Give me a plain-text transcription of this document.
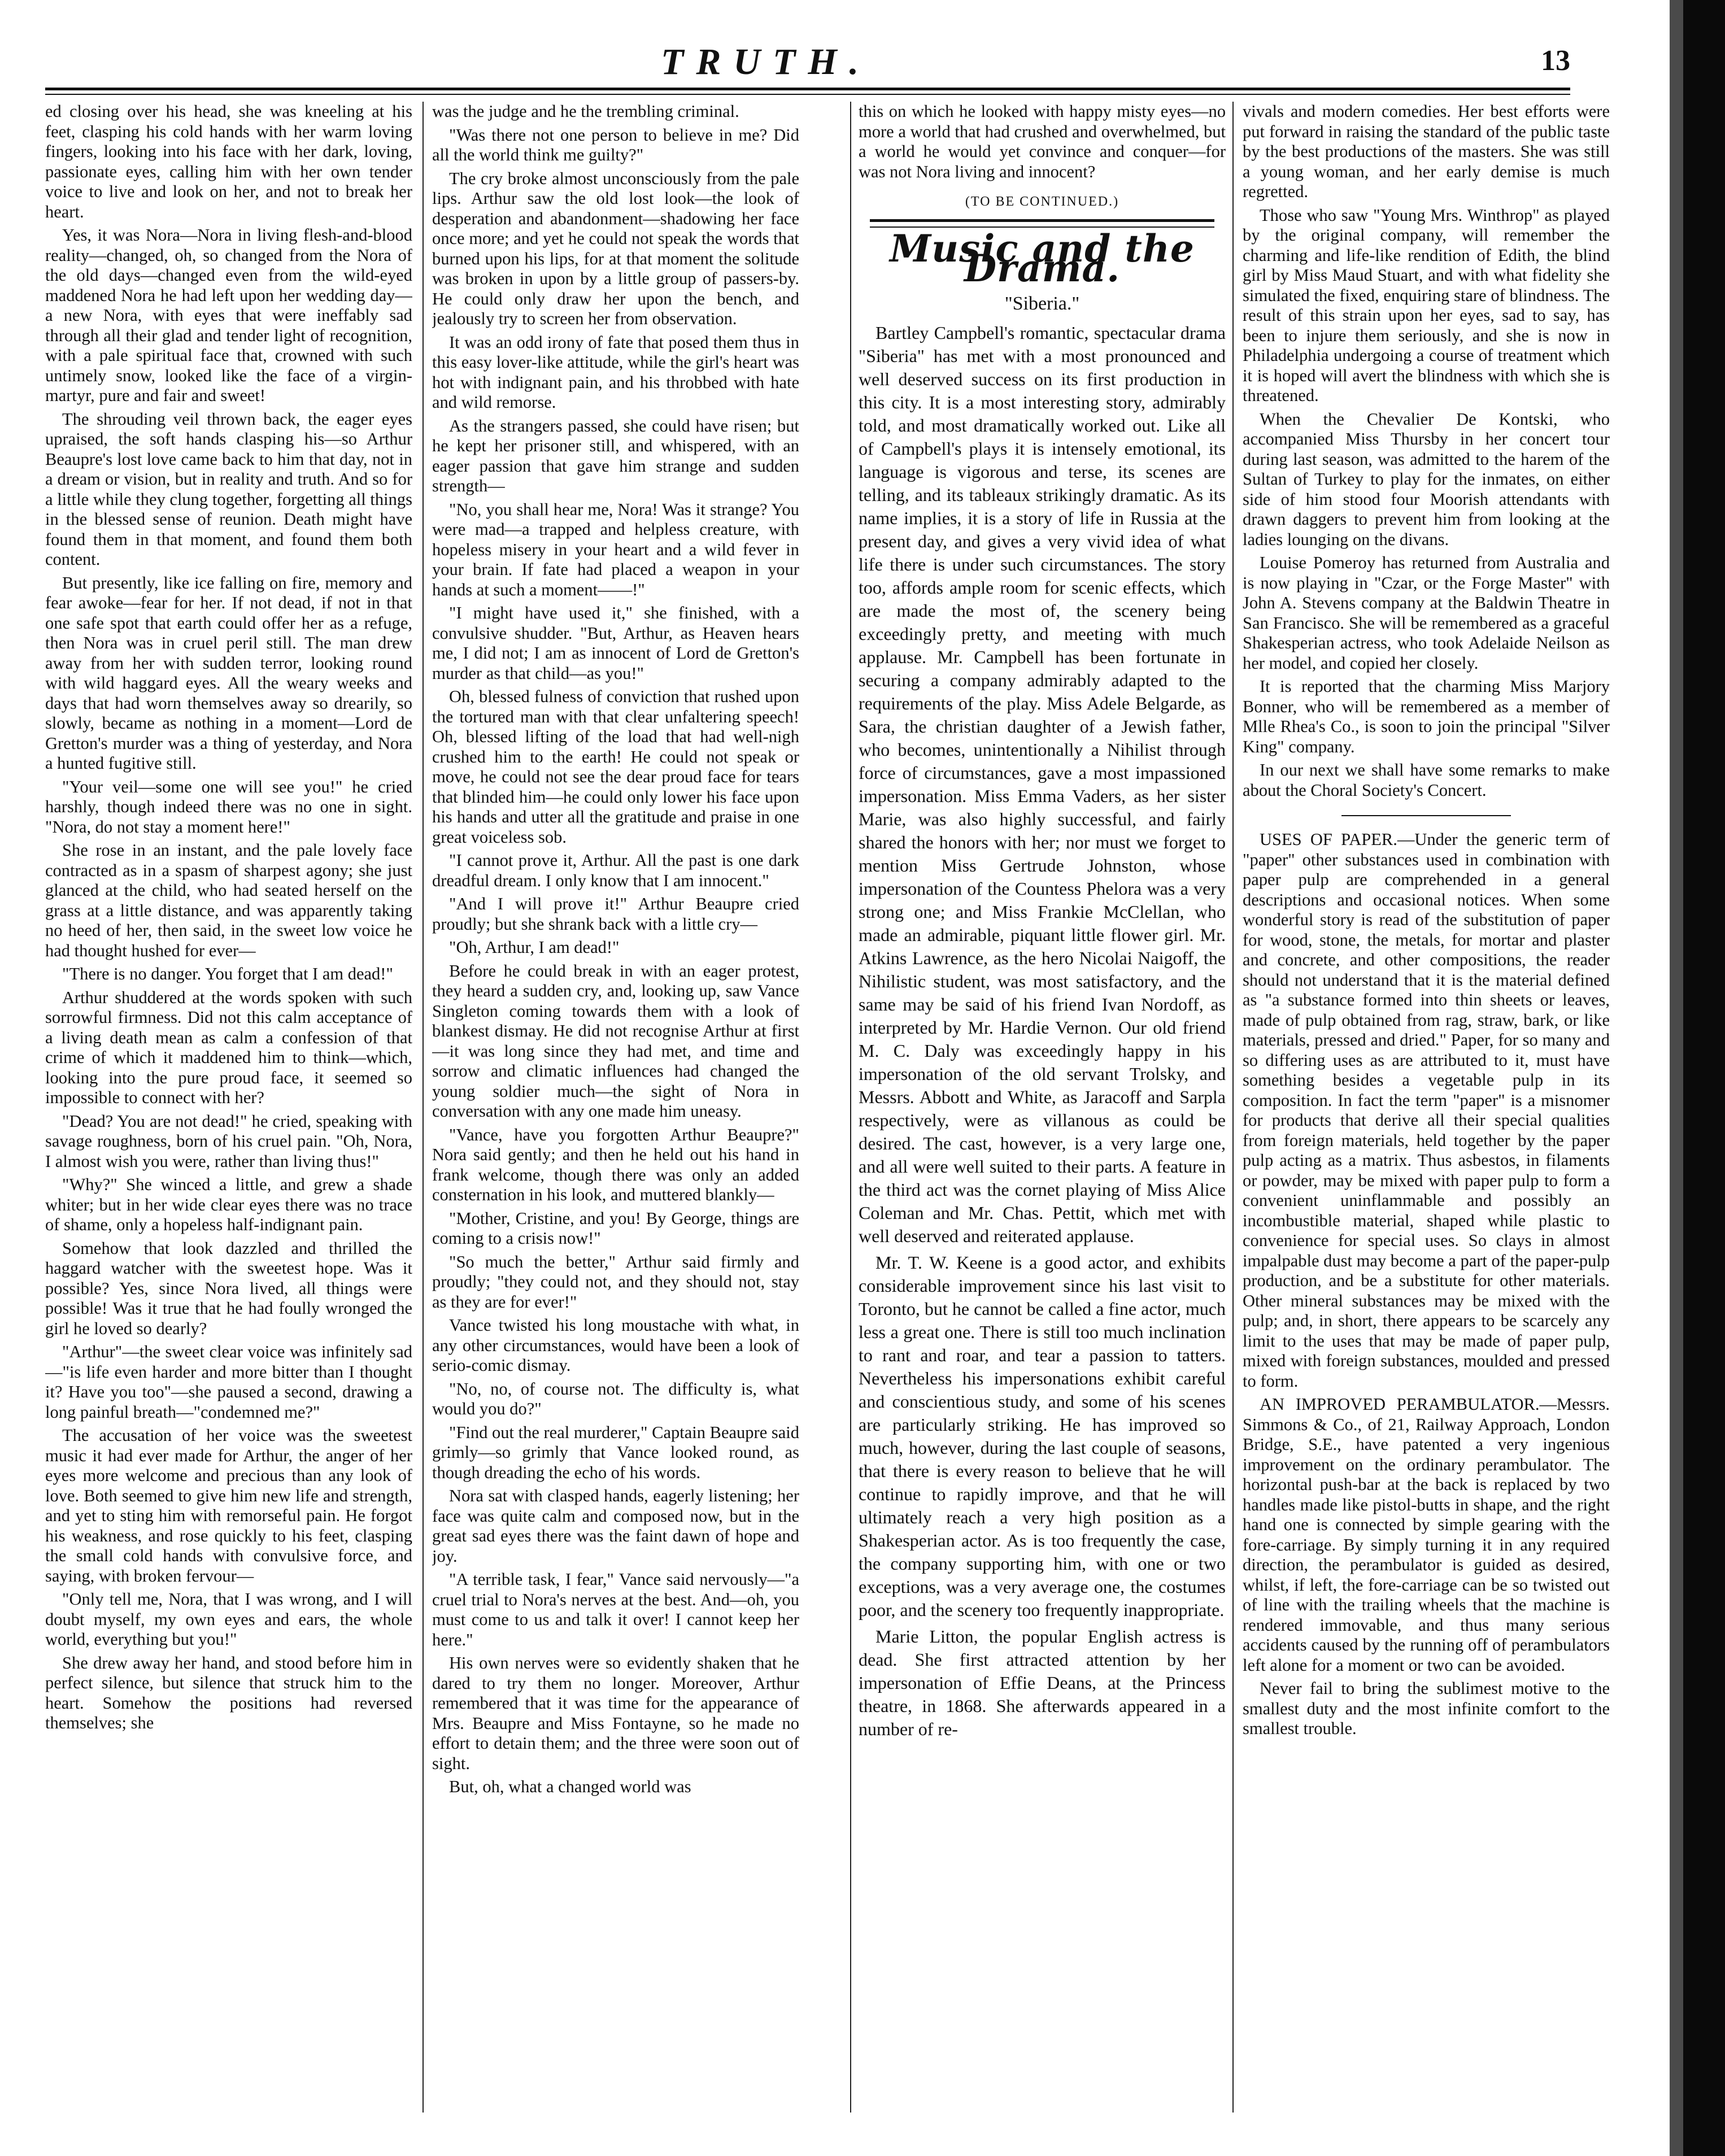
TRUTH.	13

ed closing over his head, she was kneeling at his feet, clasping his cold hands with her warm loving fingers, looking into his face with her dark, loving, passionate eyes, calling him with her own tender voice to live and look on her, and not to break her heart.

Yes, it was Nora—Nora in living flesh-and-blood reality—changed, oh, so changed from the Nora of the old days—changed even from the wild-eyed maddened Nora he had left upon her wedding day—a new Nora, with eyes that were ineffably sad through all their glad and tender light of recognition, with a pale spiritual face that, crowned with such untimely snow, looked like the face of a virgin-martyr, pure and fair and sweet!

The shrouding veil thrown back, the eager eyes upraised, the soft hands clasping his—so Arthur Beaupre's lost love came back to him that day, not in a dream or vision, but in reality and truth. And so for a little while they clung together, forgetting all things in the blessed sense of reunion. Death might have found them in that moment, and found them both content.

But presently, like ice falling on fire, memory and fear awoke—fear for her. If not dead, if not in that one safe spot that earth could offer her as a refuge, then Nora was in cruel peril still. The man drew away from her with sudden terror, looking round with wild haggard eyes. All the weary weeks and days that had worn themselves away so drearily, so slowly, became as nothing in a moment—Lord de Gretton's murder was a thing of yesterday, and Nora a hunted fugitive still.

"Your veil—some one will see you!" he cried harshly, though indeed there was no one in sight. "Nora, do not stay a moment here!"

She rose in an instant, and the pale lovely face contracted as in a spasm of sharpest agony; she just glanced at the child, who had seated herself on the grass at a little distance, and was apparently taking no heed of her, then said, in the sweet low voice he had thought hushed for ever—

"There is no danger. You forget that I am dead!"

Arthur shuddered at the words spoken with such sorrowful firmness. Did not this calm acceptance of a living death mean as calm a confession of that crime of which it maddened him to think—which, looking into the pure proud face, it seemed so impossible to connect with her?

"Dead? You are not dead!" he cried, speaking with savage roughness, born of his cruel pain. "Oh, Nora, I almost wish you were, rather than living thus!"

"Why?" She winced a little, and grew a shade whiter; but in her wide clear eyes there was no trace of shame, only a hopeless half-indignant pain.

Somehow that look dazzled and thrilled the haggard watcher with the sweetest hope. Was it possible? Yes, since Nora lived, all things were possible! Was it true that he had foully wronged the girl he loved so dearly?

"Arthur"—the sweet clear voice was infinitely sad—"is life even harder and more bitter than I thought it? Have you too"—she paused a second, drawing a long painful breath—"condemned me?"

The accusation of her voice was the sweetest music it had ever made for Arthur, the anger of her eyes more welcome and precious than any look of love. Both seemed to give him new life and strength, and yet to sting him with remorseful pain. He forgot his weakness, and rose quickly to his feet, clasping the small cold hands with convulsive force, and saying, with broken fervour—

"Only tell me, Nora, that I was wrong, and I will doubt myself, my own eyes and ears, the whole world, everything but you!"

She drew away her hand, and stood before him in perfect silence, but silence that struck him to the heart. Somehow the positions had reversed themselves; she

was the judge and he the trembling criminal.

"Was there not one person to believe in me? Did all the world think me guilty?"

The cry broke almost unconsciously from the pale lips. Arthur saw the old lost look—the look of desperation and abandonment—shadowing her face once more; and yet he could not speak the words that burned upon his lips, for at that moment the solitude was broken in upon by a little group of passers-by. He could only draw her upon the bench, and jealously try to screen her from observation.

It was an odd irony of fate that posed them thus in this easy lover-like attitude, while the girl's heart was hot with indignant pain, and his throbbed with hate and wild remorse.

As the strangers passed, she could have risen; but he kept her prisoner still, and whispered, with an eager passion that gave him strange and sudden strength—

"No, you shall hear me, Nora! Was it strange? You were mad—a trapped and helpless creature, with hopeless misery in your heart and a wild fever in your brain. If fate had placed a weapon in your hands at such a moment——!"

"I might have used it," she finished, with a convulsive shudder. "But, Arthur, as Heaven hears me, I did not; I am as innocent of Lord de Gretton's murder as that child—as you!"

Oh, blessed fulness of conviction that rushed upon the tortured man with that clear unfaltering speech! Oh, blessed lifting of the load that had well-nigh crushed him to the earth! He could not speak or move, he could not see the dear proud face for tears that blinded him—he could only lower his face upon his hands and utter all the gratitude and praise in one great voiceless sob.

"I cannot prove it, Arthur. All the past is one dark dreadful dream. I only know that I am innocent."

"And I will prove it!" Arthur Beaupre cried proudly; but she shrank back with a little cry—

"Oh, Arthur, I am dead!"

Before he could break in with an eager protest, they heard a sudden cry, and, looking up, saw Vance Singleton coming towards them with a look of blankest dismay. He did not recognise Arthur at first—it was long since they had met, and time and sorrow and climatic influences had changed the young soldier much—the sight of Nora in conversation with any one made him uneasy.

"Vance, have you forgotten Arthur Beaupre?" Nora said gently; and then he held out his hand in frank welcome, though there was only an added consternation in his look, and muttered blankly—

"Mother, Cristine, and you! By George, things are coming to a crisis now!"

"So much the better," Arthur said firmly and proudly; "they could not, and they should not, stay as they are for ever!"

Vance twisted his long moustache with what, in any other circumstances, would have been a look of serio-comic dismay.

"No, no, of course not. The difficulty is, what would you do?"

"Find out the real murderer," Captain Beaupre said grimly—so grimly that Vance looked round, as though dreading the echo of his words.

Nora sat with clasped hands, eagerly listening; her face was quite calm and composed now, but in the great sad eyes there was the faint dawn of hope and joy.

"A terrible task, I fear," Vance said nervously—"a cruel trial to Nora's nerves at the best. And—oh, you must come to us and talk it over! I cannot keep her here."

His own nerves were so evidently shaken that he dared to try them no longer. Moreover, Arthur remembered that it was time for the appearance of Mrs. Beaupre and Miss Fontayne, so he made no effort to detain them; and the three were soon out of sight.

But, oh, what a changed world was

this on which he looked with happy misty eyes—no more a world that had crushed and overwhelmed, but a world he would yet convince and conquer—for was not Nora living and innocent?

(TO BE CONTINUED.)
Music and the Drama.
"Siberia."

Bartley Campbell's romantic, spectacular drama "Siberia" has met with a most pronounced and well deserved success on its first production in this city. It is a most interesting story, admirably told, and most dramatically worked out. Like all of Campbell's plays it is intensely emotional, its language is vigorous and terse, its scenes are telling, and its tableaux strikingly dramatic. As its name implies, it is a story of life in Russia at the present day, and gives a very vivid idea of what life there is under such circumstances. The story too, affords ample room for scenic effects, which are made the most of, the scenery being exceedingly pretty, and meeting with much applause. Mr. Campbell has been fortunate in securing a company admirably adapted to the requirements of the play. Miss Adele Belgarde, as Sara, the christian daughter of a Jewish father, who becomes, unintentionally a Nihilist through force of circumstances, gave a most impassioned impersonation. Miss Emma Vaders, as her sister Marie, was also highly successful, and fairly shared the honors with her; nor must we forget to mention Miss Gertrude Johnston, whose impersonation of the Countess Phelora was a very strong one; and Miss Frankie McClellan, who made an admirable, piquant little flower girl. Mr. Atkins Lawrence, as the hero Nicolai Naigoff, the Nihilistic student, was most satisfactory, and the same may be said of his friend Ivan Nordoff, as interpreted by Mr. Hardie Vernon. Our old friend M. C. Daly was exceedingly happy in his impersonation of the old servant Trolsky, and Messrs. Abbott and White, as Jaracoff and Sarpla respectively, were as villanous as could be desired. The cast, however, is a very large one, and all were well suited to their parts. A feature in the third act was the cornet playing of Miss Alice Coleman and Mr. Chas. Pettit, which met with well deserved and reiterated applause.

Mr. T. W. Keene is a good actor, and exhibits considerable improvement since his last visit to Toronto, but he cannot be called a fine actor, much less a great one. There is still too much inclination to rant and roar, and tear a passion to tatters. Nevertheless his impersonations exhibit careful and conscientious study, and some of his scenes are particularly striking. He has improved so much, however, during the last couple of seasons, that there is every reason to believe that he will continue to rapidly improve, and that he will ultimately reach a very high position as a Shakesperian actor. As is too frequently the case, the company supporting him, with one or two exceptions, was a very average one, the costumes poor, and the scenery too frequently inappropriate.

Marie Litton, the popular English actress is dead. She first attracted attention by her impersonation of Effie Deans, at the Princess theatre, in 1868. She afterwards appeared in a number of re-

vivals and modern comedies. Her best efforts were put forward in raising the standard of the public taste by the best productions of the masters. She was still a young woman, and her early demise is much regretted.

Those who saw "Young Mrs. Winthrop" as played by the original company, will remember the charming and life-like rendition of Edith, the blind girl by Miss Maud Stuart, and with what fidelity she simulated the fixed, enquiring stare of blindness. The result of this strain upon her eyes, sad to say, has been to injure them seriously, and she is now in Philadelphia undergoing a course of treatment which it is hoped will avert the blindness with which she is threatened.

When the Chevalier De Kontski, who accompanied Miss Thursby in her concert tour during last season, was admitted to the harem of the Sultan of Turkey to play for the inmates, on either side of him stood four Moorish attendants with drawn daggers to prevent him from looking at the ladies lounging on the divans.

Louise Pomeroy has returned from Australia and is now playing in "Czar, or the Forge Master" with John A. Stevens company at the Baldwin Theatre in San Francisco. She will be remembered as a graceful Shakesperian actress, who took Adelaide Neilson as her model, and copied her closely.

It is reported that the charming Miss Marjory Bonner, who will be remembered as a member of Mlle Rhea's Co., is soon to join the principal "Silver King" company.

In our next we shall have some remarks to make about the Choral Society's Concert.

USES OF PAPER.—Under the generic term of "paper" other substances used in combination with paper pulp are comprehended in a general descriptions and occasional notices. When some wonderful story is read of the substitution of paper for wood, stone, the metals, for mortar and plaster and concrete, and other compositions, the reader should not understand that it is the material defined as "a substance formed into thin sheets or leaves, made of pulp obtained from rag, straw, bark, or like materials, pressed and dried." Paper, for so many and so differing uses as are attributed to it, must have something besides a vegetable pulp in its composition. In fact the term "paper" is a misnomer for products that derive all their special qualities from foreign materials, held together by the paper pulp acting as a matrix. Thus asbestos, in filaments or powder, may be mixed with paper pulp to form a convenient uninflammable and possibly an incombustible material, shaped while plastic to convenience for special uses. So clays in almost impalpable dust may become a part of the paper-pulp production, and be a substitute for other materials. Other mineral substances may be mixed with the pulp; and, in short, there appears to be scarcely any limit to the uses that may be made of paper pulp, mixed with foreign substances, moulded and pressed to form.

AN IMPROVED PERAMBULATOR.—Messrs. Simmons & Co., of 21, Railway Approach, London Bridge, S.E., have patented a very ingenious improvement on the ordinary perambulator. The horizontal push-bar at the back is replaced by two handles made like pistol-butts in shape, and the right hand one is connected by simple gearing with the fore-carriage. By simply turning it in any required direction, the perambulator is guided as desired, whilst, if left, the fore-carriage can be so twisted out of line with the trailing wheels that the machine is rendered immovable, and thus many serious accidents caused by the running off of perambulators left alone for a moment or two can be avoided.

Never fail to bring the sublimest motive to the smallest duty and the most infinite comfort to the smallest trouble.
